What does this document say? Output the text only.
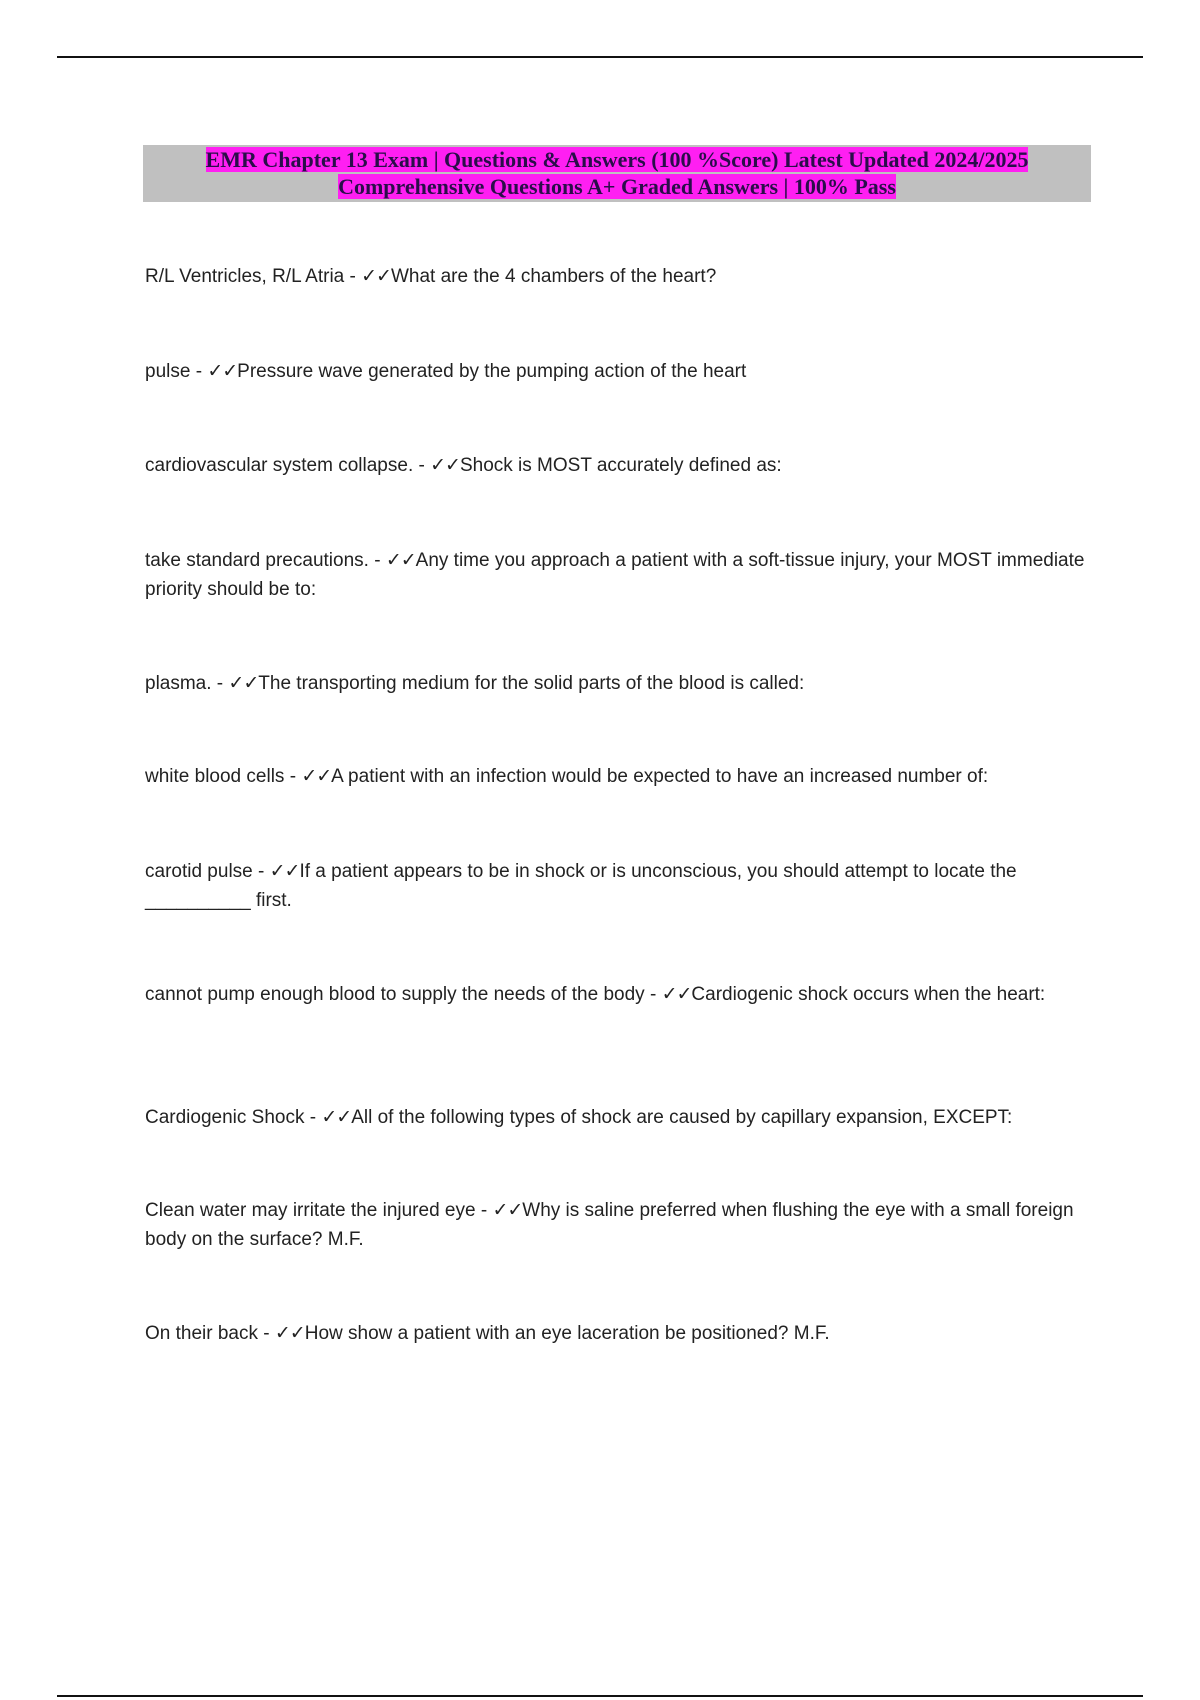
EMR Chapter 13 Exam | Questions & Answers (100 %Score) Latest Updated 2024/2025
Comprehensive Questions A+ Graded Answers | 100% Pass
R/L Ventricles, R/L Atria - ✓✓What are the 4 chambers of the heart?
pulse - ✓✓Pressure wave generated by the pumping action of the heart
cardiovascular system collapse. - ✓✓Shock is MOST accurately defined as:
take standard precautions. - ✓✓Any time you approach a patient with a soft-tissue injury, your MOST immediate priority should be to:
plasma. - ✓✓The transporting medium for the solid parts of the blood is called:
white blood cells - ✓✓A patient with an infection would be expected to have an increased number of:
carotid pulse - ✓✓If a patient appears to be in shock or is unconscious, you should attempt to locate the __________ first.
cannot pump enough blood to supply the needs of the body - ✓✓Cardiogenic shock occurs when the heart:
Cardiogenic Shock - ✓✓All of the following types of shock are caused by capillary expansion, EXCEPT:
Clean water may irritate the injured eye - ✓✓Why is saline preferred when flushing the eye with a small foreign body on the surface? M.F.
On their back - ✓✓How show a patient with an eye laceration be positioned? M.F.
